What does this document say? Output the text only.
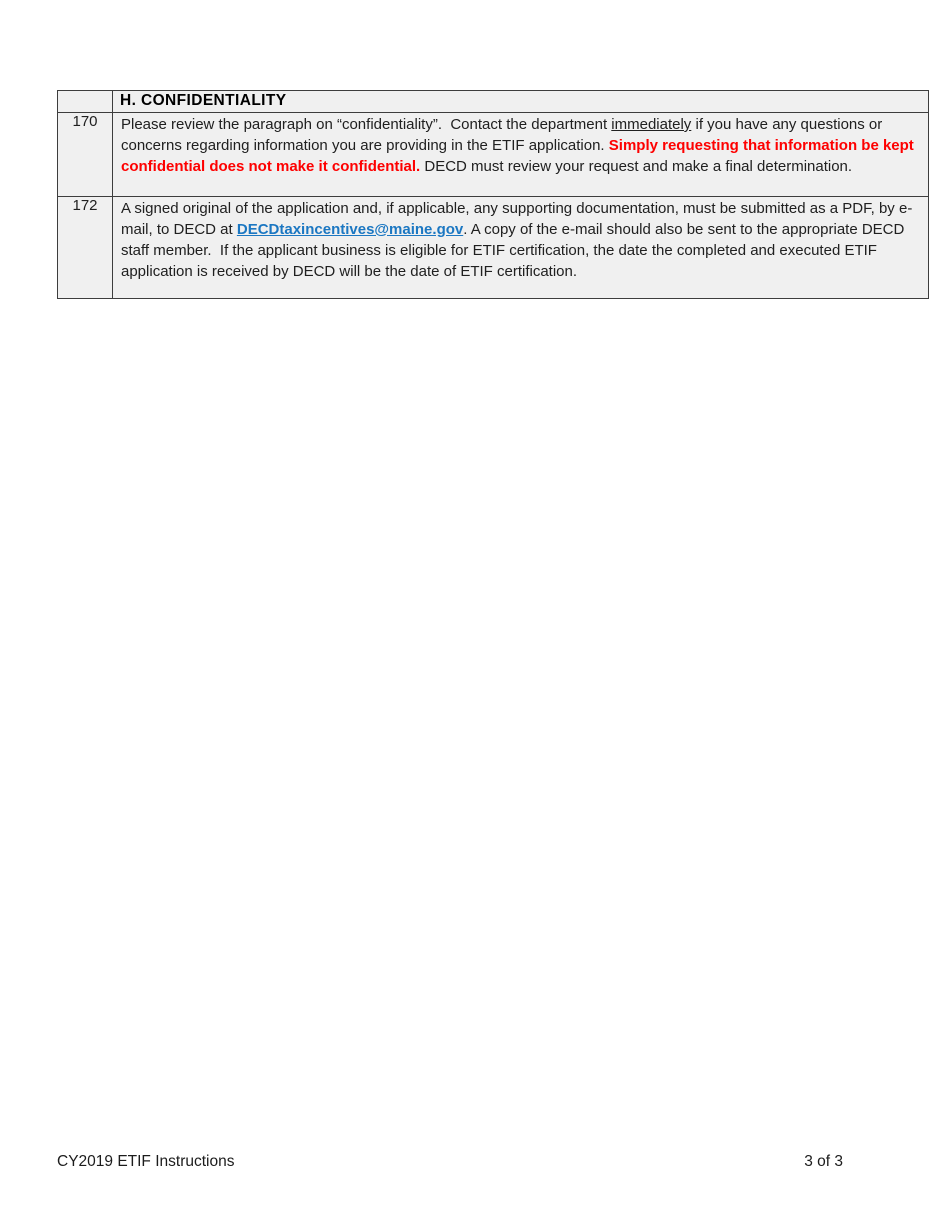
	H. CONFIDENTIALITY
170	Please review the paragraph on “confidentiality”.  Contact the department immediately if you have any questions or concerns regarding information you are providing in the ETIF application. Simply requesting that information be kept confidential does not make it confidential. DECD must review your request and make a final determination.
172	A signed original of the application and, if applicable, any supporting documentation, must be submitted as a PDF, by e-mail, to DECD at DECDtaxincentives@maine.gov. A copy of the e-mail should also be sent to the appropriate DECD staff member.  If the applicant business is eligible for ETIF certification, the date the completed and executed ETIF application is received by DECD will be the date of ETIF certification.
CY2019 ETIF Instructions	3 of 3
